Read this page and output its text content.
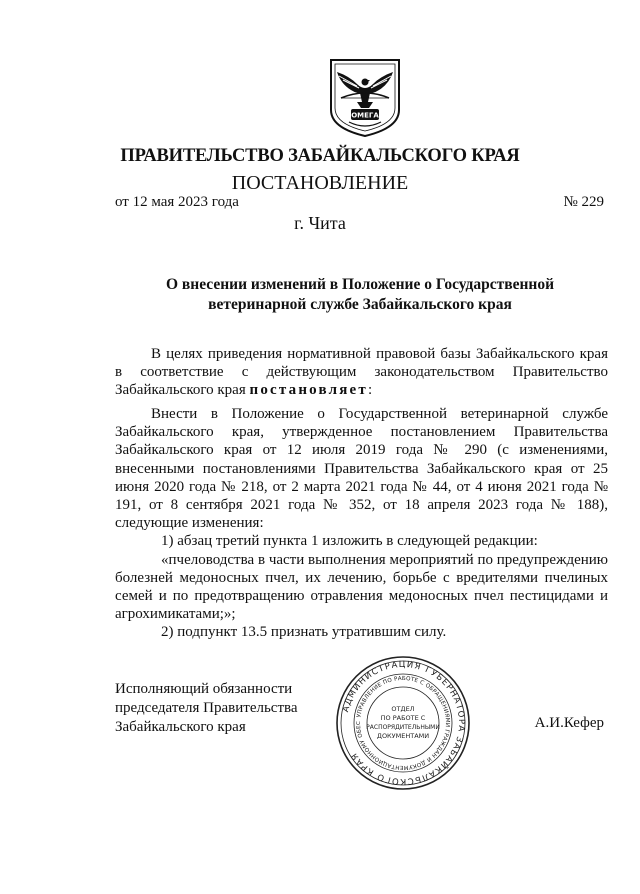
ОМЕГА
ПРАВИТЕЛЬСТВО ЗАБАЙКАЛЬСКОГО КРАЯ
ПОСТАНОВЛЕНИЕ
от 12 мая 2023 года	№ 229
г. Чита
О внесении изменений в Положение о Государственной ветеринарной службе Забайкальского края

В целях приведения нормативной правовой базы Забайкальского края в соответствие с действующим законодательством Правительство Забайкальского края постановляет:

Внести в Положение о Государственной ветеринарной службе Забайкальского края, утвержденное постановлением Правительства Забайкальского края от 12 июля 2019 года № 290 (с изменениями, внесенными постановлениями Правительства Забайкальского края от 25 июня 2020 года № 218, от 2 марта 2021 года № 44, от 4 июня 2021 года № 191, от 8 сентября 2021 года № 352, от 18 апреля 2023 года № 188), следующие изменения:

1) абзац третий пункта 1 изложить в следующей редакции:

«пчеловодства в части выполнения мероприятий по предупреждению болезней медоносных пчел, их лечению, борьбе с вредителями пчелиных семей и по предотвращению отравления медоносных пчел пестицидами и агрохимикатами;»;

2) подпункт 13.5 признать утратившим силу.

Исполняющий обязанности
председателя Правительства
Забайкальского края
АДМИНИСТРАЦИЯ ГУБЕРНАТОРА ЗАБАЙКАЛЬСКОГО КРАЯ
УПРАВЛЕНИЕ ПО РАБОТЕ С ОБРАЩЕНИЯМИ ГРАЖДАН И ДОКУМЕНТАЦИОННОМУ ОБЕС
ОТДЕЛ
ПО РАБОТЕ С
РАСПОРЯДИТЕЛЬНЫМИ
ДОКУМЕНТАМИ
А.И.Кефер
